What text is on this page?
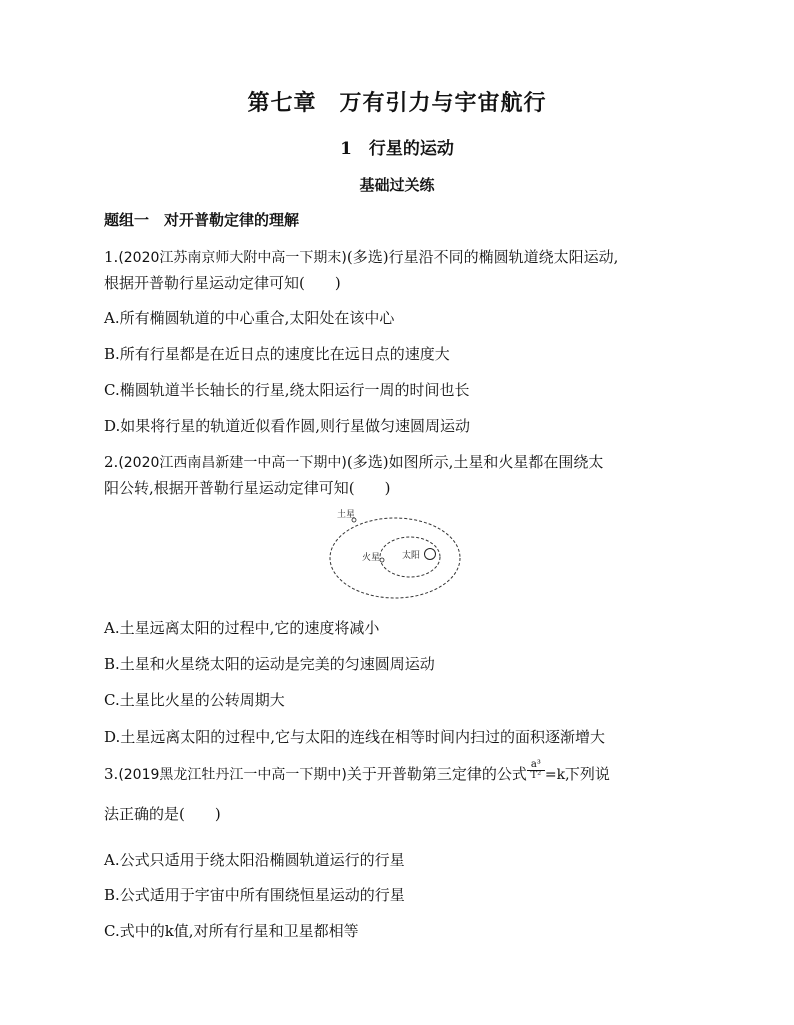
第七章　万有引力与宇宙航行
1　行星的运动
基础过关练
题组一　对开普勒定律的理解
1.(2020江苏南京师大附中高一下期末)(多选)行星沿不同的椭圆轨道绕太阳运动,
根据开普勒行星运动定律可知(　　)
A.所有椭圆轨道的中心重合,太阳处在该中心
B.所有行星都是在近日点的速度比在远日点的速度大
C.椭圆轨道半长轴长的行星,绕太阳运行一周的时间也长
D.如果将行星的轨道近似看作圆,则行星做匀速圆周运动
2.(2020江西南昌新建一中高一下期中)(多选)如图所示,土星和火星都在围绕太
阳公转,根据开普勒行星运动定律可知(　　)
土星
火星 太阳
A.土星远离太阳的过程中,它的速度将减小
B.土星和火星绕太阳的运动是完美的匀速圆周运动
C.土星比火星的公转周期大
D.土星远离太阳的过程中,它与太阳的连线在相等时间内扫过的面积逐渐增大
3.(2019黑龙江牡丹江一中高一下期中)关于开普勒第三定律的公式 $\frac{\text{a³}}{\text{T²}} =k$,
下列说
法正确的是(　　)
A.公式只适用于绕太阳沿椭圆轨道运行的行星
B.公式适用于宇宙中所有围绕恒星运动的行星
C.式中的k值,对所有行星和卫星都相等
